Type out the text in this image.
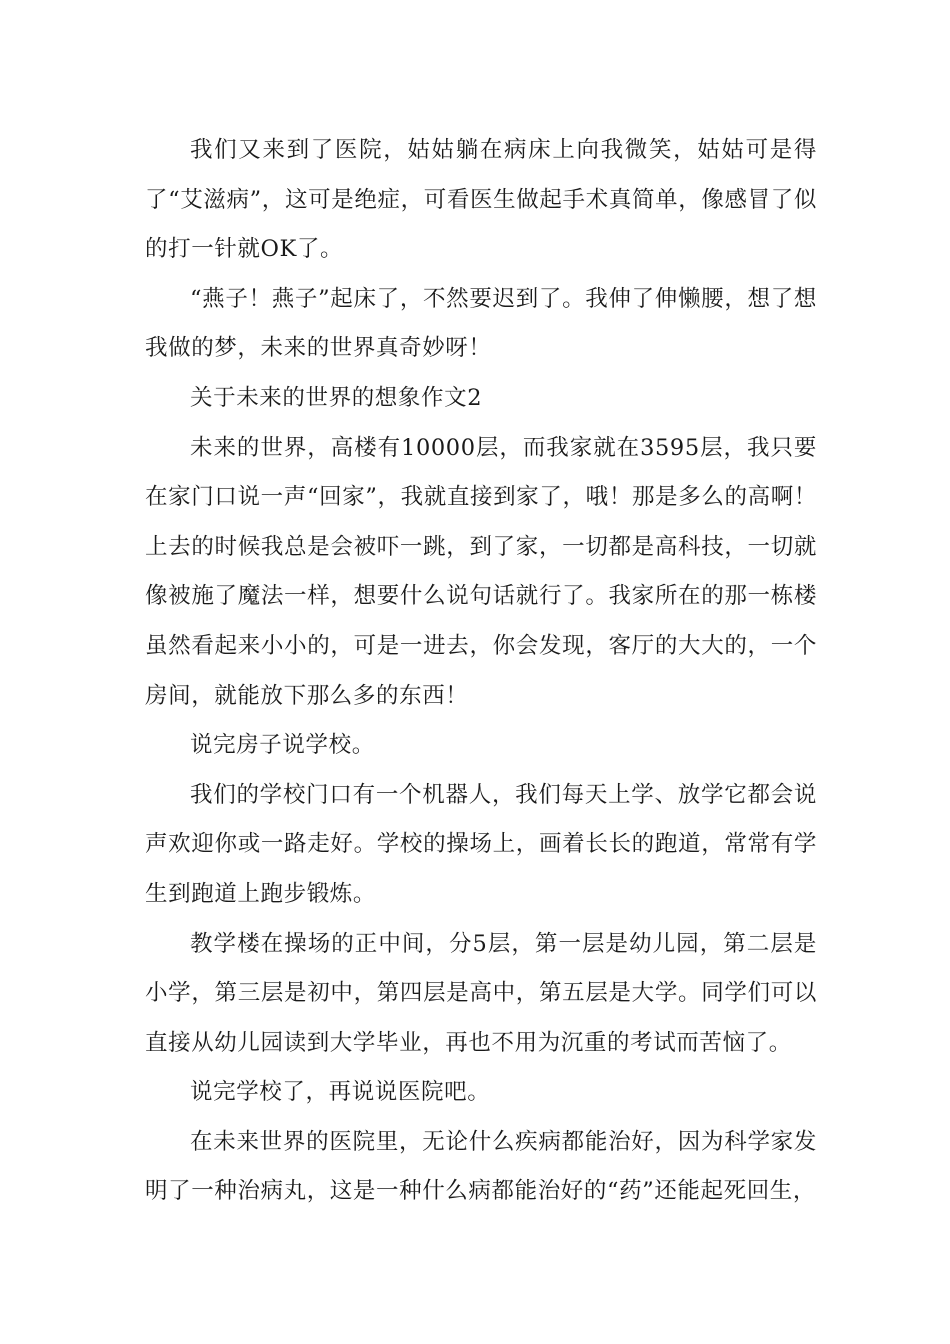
我们又来到了医院，姑姑躺在病床上向我微笑，姑姑可是得了“艾滋病”，这可是绝症，可看医生做起手术真简单，像感冒了似的打一针就OK了。

“燕子！燕子”起床了，不然要迟到了。我伸了伸懒腰，想了想我做的梦，未来的世界真奇妙呀！

关于未来的世界的想象作文2

未来的世界，高楼有10000层，而我家就在3595层，我只要在家门口说一声“回家”，我就直接到家了，哦！那是多么的高啊！上去的时候我总是会被吓一跳，到了家，一切都是高科技，一切就像被施了魔法一样，想要什么说句话就行了。我家所在的那一栋楼虽然看起来小小的，可是一进去，你会发现，客厅的大大的，一个房间，就能放下那么多的东西！

说完房子说学校。

我们的学校门口有一个机器人，我们每天上学、放学它都会说声欢迎你或一路走好。学校的操场上，画着长长的跑道，常常有学生到跑道上跑步锻炼。

教学楼在操场的正中间，分5层，第一层是幼儿园，第二层是小学，第三层是初中，第四层是高中，第五层是大学。同学们可以直接从幼儿园读到大学毕业，再也不用为沉重的考试而苦恼了。

说完学校了，再说说医院吧。

在未来世界的医院里，无论什么疾病都能治好，因为科学家发明了一种治病丸，这是一种什么病都能治好的“药”还能起死回生，
